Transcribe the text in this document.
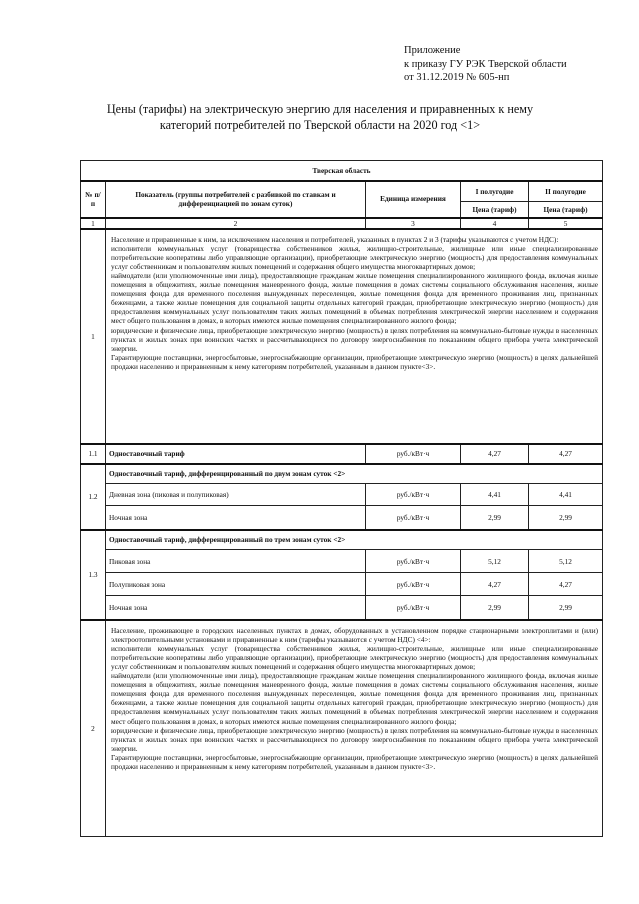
Приложение
к приказу ГУ РЭК Тверской области
от 31.12.2019 № 605-нп
Цены (тарифы) на электрическую энергию для населения и приравненных к нему
категорий потребителей по Тверской области на 2020 год <1>
Тверская область				
№ п/п	Показатель (группы потребителей с разбивкой по ставкам и дифференциацией по зонам суток)	Единица измерения	I полугодие	II полугодие
			Цена (тариф)	Цена (тариф)
1	2	3	4	5
1	Население и приравненные к ним, за исключением населения и потребителей, указанных в пунктах 2 и 3 (тарифы указываются с учетом НДС):

исполнители коммунальных услуг (товарищества собственников жилья, жилищно-строительные, жилищные или иные специализированные потребительские кооперативы либо управляющие организации), приобретающие электрическую энергию (мощность) для предоставления коммунальных услуг собственникам и пользователям жилых помещений и содержания общего имущества многоквартирных домов;

наймодатели (или уполномоченные ими лица), предоставляющие гражданам жилые помещения специализированного жилищного фонда, включая жилые помещения в общежитиях, жилые помещения маневренного фонда, жилые помещения в домах системы социального обслуживания населения, жилые помещения фонда для временного поселения вынужденных переселенцев, жилые помещения фонда для временного проживания лиц, признанных беженцами, а также жилые помещения для социальной защиты отдельных категорий граждан, приобретающие электрическую энергию (мощность) для предоставления коммунальных услуг пользователям таких жилых помещений в объемах потребления электрической энергии населением и содержания мест общего пользования в домах, в которых имеются жилые помещения специализированного жилого фонда;

юридические и физические лица, приобретающие электрическую энергию (мощность) в целях потребления на коммунально-бытовые нужды в населенных пунктах и жилых зонах при воинских частях и рассчитывающиеся по договору энергоснабжения по показаниям общего прибора учета электрической энергии.

Гарантирующие поставщики, энергосбытовые, энергоснабжающие организации, приобретающие электрическую энергию (мощность) в целях дальнейшей продажи населению и приравненным к нему категориям потребителей, указанным в данном пункте<3>.			

1.1	Одноставочный тариф	руб./кВт·ч	4,27	4,27
1.2	Одноставочный тариф, дифференцированный по двум зонам суток <2>			
	Дневная зона (пиковая и полупиковая)	руб./кВт·ч	4,41	4,41
	Ночная зона	руб./кВт·ч	2,99	2,99
1.3	Одноставочный тариф, дифференцированный по трем зонам суток <2>			
	Пиковая зона	руб./кВт·ч	5,12	5,12
	Полупиковая зона	руб./кВт·ч	4,27	4,27
	Ночная зона	руб./кВт·ч	2,99	2,99
2	Население, проживающее в городских населенных пунктах в домах, оборудованных в установленном порядке стационарными электроплитами и (или) электроотопительными установками и приравненные к ним (тарифы указываются с учетом НДС) <4>:

исполнители коммунальных услуг (товарищества собственников жилья, жилищно-строительные, жилищные или иные специализированные потребительские кооперативы либо управляющие организации), приобретающие электрическую энергию (мощность) для предоставления коммунальных услуг собственникам и пользователям жилых помещений и содержания общего имущества многоквартирных домов;

наймодатели (или уполномоченные ими лица), предоставляющие гражданам жилые помещения специализированного жилищного фонда, включая жилые помещения в общежитиях, жилые помещения маневренного фонда, жилые помещения в домах системы социального обслуживания населения, жилые помещения фонда для временного поселения вынужденных переселенцев, жилые помещения фонда для временного проживания лиц, признанных беженцами, а также жилые помещения для социальной защиты отдельных категорий граждан, приобретающие электрическую энергию (мощность) для предоставления коммунальных услуг пользователям таких жилых помещений в объемах потребления электрической энергии населением и содержания мест общего пользования в домах, в которых имеются жилые помещения специализированного жилого фонда;

юридические и физические лица, приобретающие электрическую энергию (мощность) в целях потребления на коммунально-бытовые нужды в населенных пунктах и жилых зонах при воинских частях и рассчитывающиеся по договору энергоснабжения по показаниям общего прибора учета электрической энергии.

Гарантирующие поставщики, энергосбытовые, энергоснабжающие организации, приобретающие электрическую энергию (мощность) в целях дальнейшей продажи населению и приравненным к нему категориям потребителей, указанным в данном пункте<3>.			
